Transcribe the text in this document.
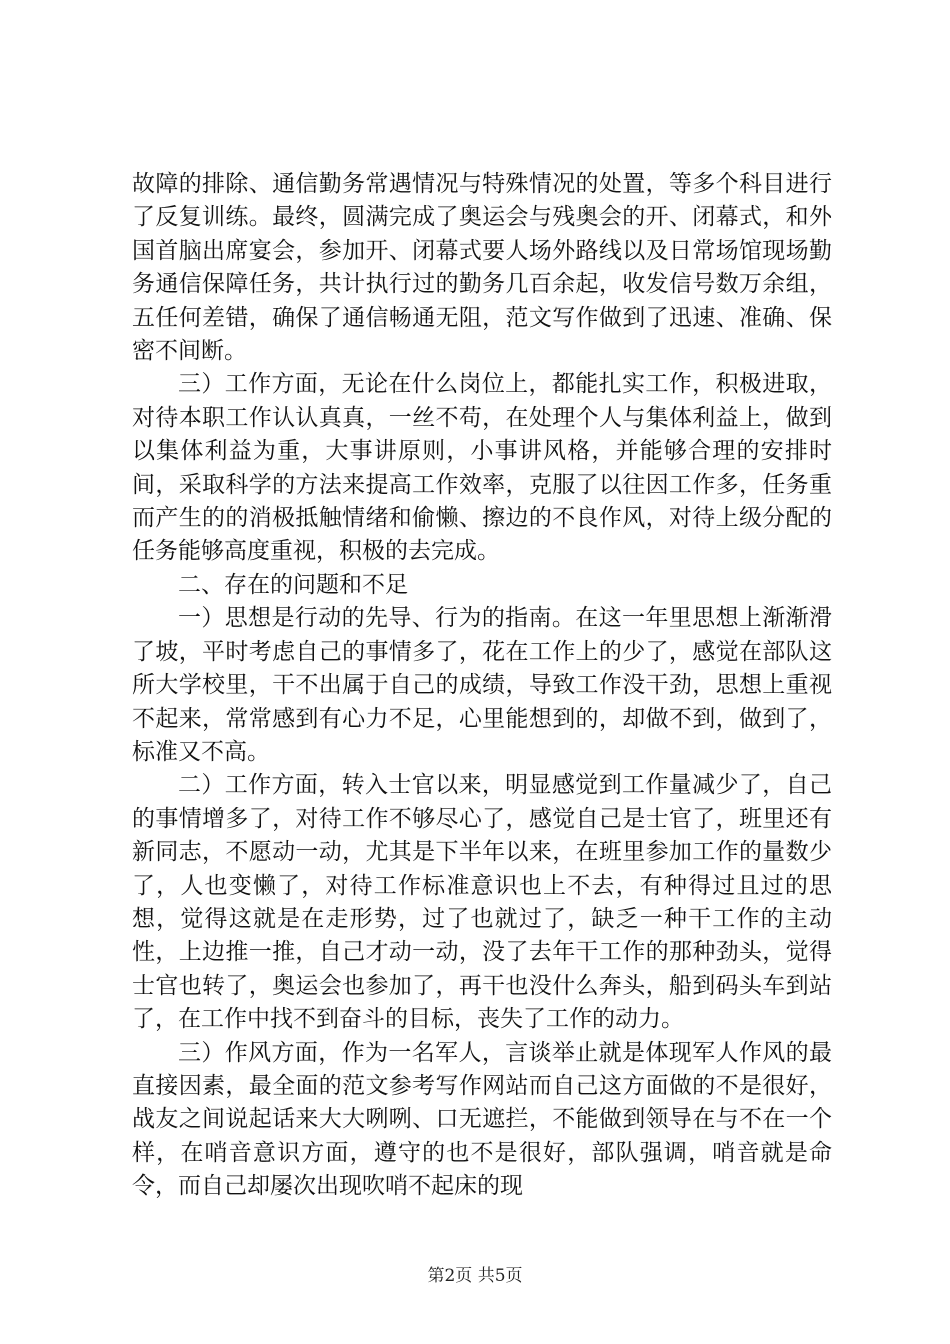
故障的排除、通信勤务常遇情况与特殊情况的处置，等多个科目进行了反复训练。最终，圆满完成了奥运会与残奥会的开、闭幕式，和外国首脑出席宴会，参加开、闭幕式要人场外路线以及日常场馆现场勤务通信保障任务，共计执行过的勤务几百余起，收发信号数万余组，五任何差错，确保了通信畅通无阻，范文写作做到了迅速、准确、保密不间断。

三）工作方面，无论在什么岗位上，都能扎实工作，积极进取，对待本职工作认认真真，一丝不苟，在处理个人与集体利益上，做到以集体利益为重，大事讲原则，小事讲风格，并能够合理的安排时间，采取科学的方法来提高工作效率，克服了以往因工作多，任务重而产生的的消极抵触情绪和偷懒、擦边的不良作风，对待上级分配的任务能够高度重视，积极的去完成。

二、存在的问题和不足

一）思想是行动的先导、行为的指南。在这一年里思想上渐渐滑了坡，平时考虑自己的事情多了，花在工作上的少了，感觉在部队这所大学校里，干不出属于自己的成绩，导致工作没干劲，思想上重视不起来，常常感到有心力不足，心里能想到的，却做不到，做到了，标准又不高。

二）工作方面，转入士官以来，明显感觉到工作量减少了，自己的事情增多了，对待工作不够尽心了，感觉自己是士官了，班里还有新同志，不愿动一动，尤其是下半年以来，在班里参加工作的量数少了，人也变懒了，对待工作标准意识也上不去，有种得过且过的思想，觉得这就是在走形势，过了也就过了，缺乏一种干工作的主动性，上边推一推，自己才动一动，没了去年干工作的那种劲头，觉得士官也转了，奥运会也参加了，再干也没什么奔头，船到码头车到站了，在工作中找不到奋斗的目标，丧失了工作的动力。

三）作风方面，作为一名军人，言谈举止就是体现军人作风的最直接因素，最全面的范文参考写作网站而自己这方面做的不是很好，战友之间说起话来大大咧咧、口无遮拦，不能做到领导在与不在一个样，在哨音意识方面，遵守的也不是很好，部队强调，哨音就是命令，而自己却屡次出现吹哨不起床的现

第2页 共5页
